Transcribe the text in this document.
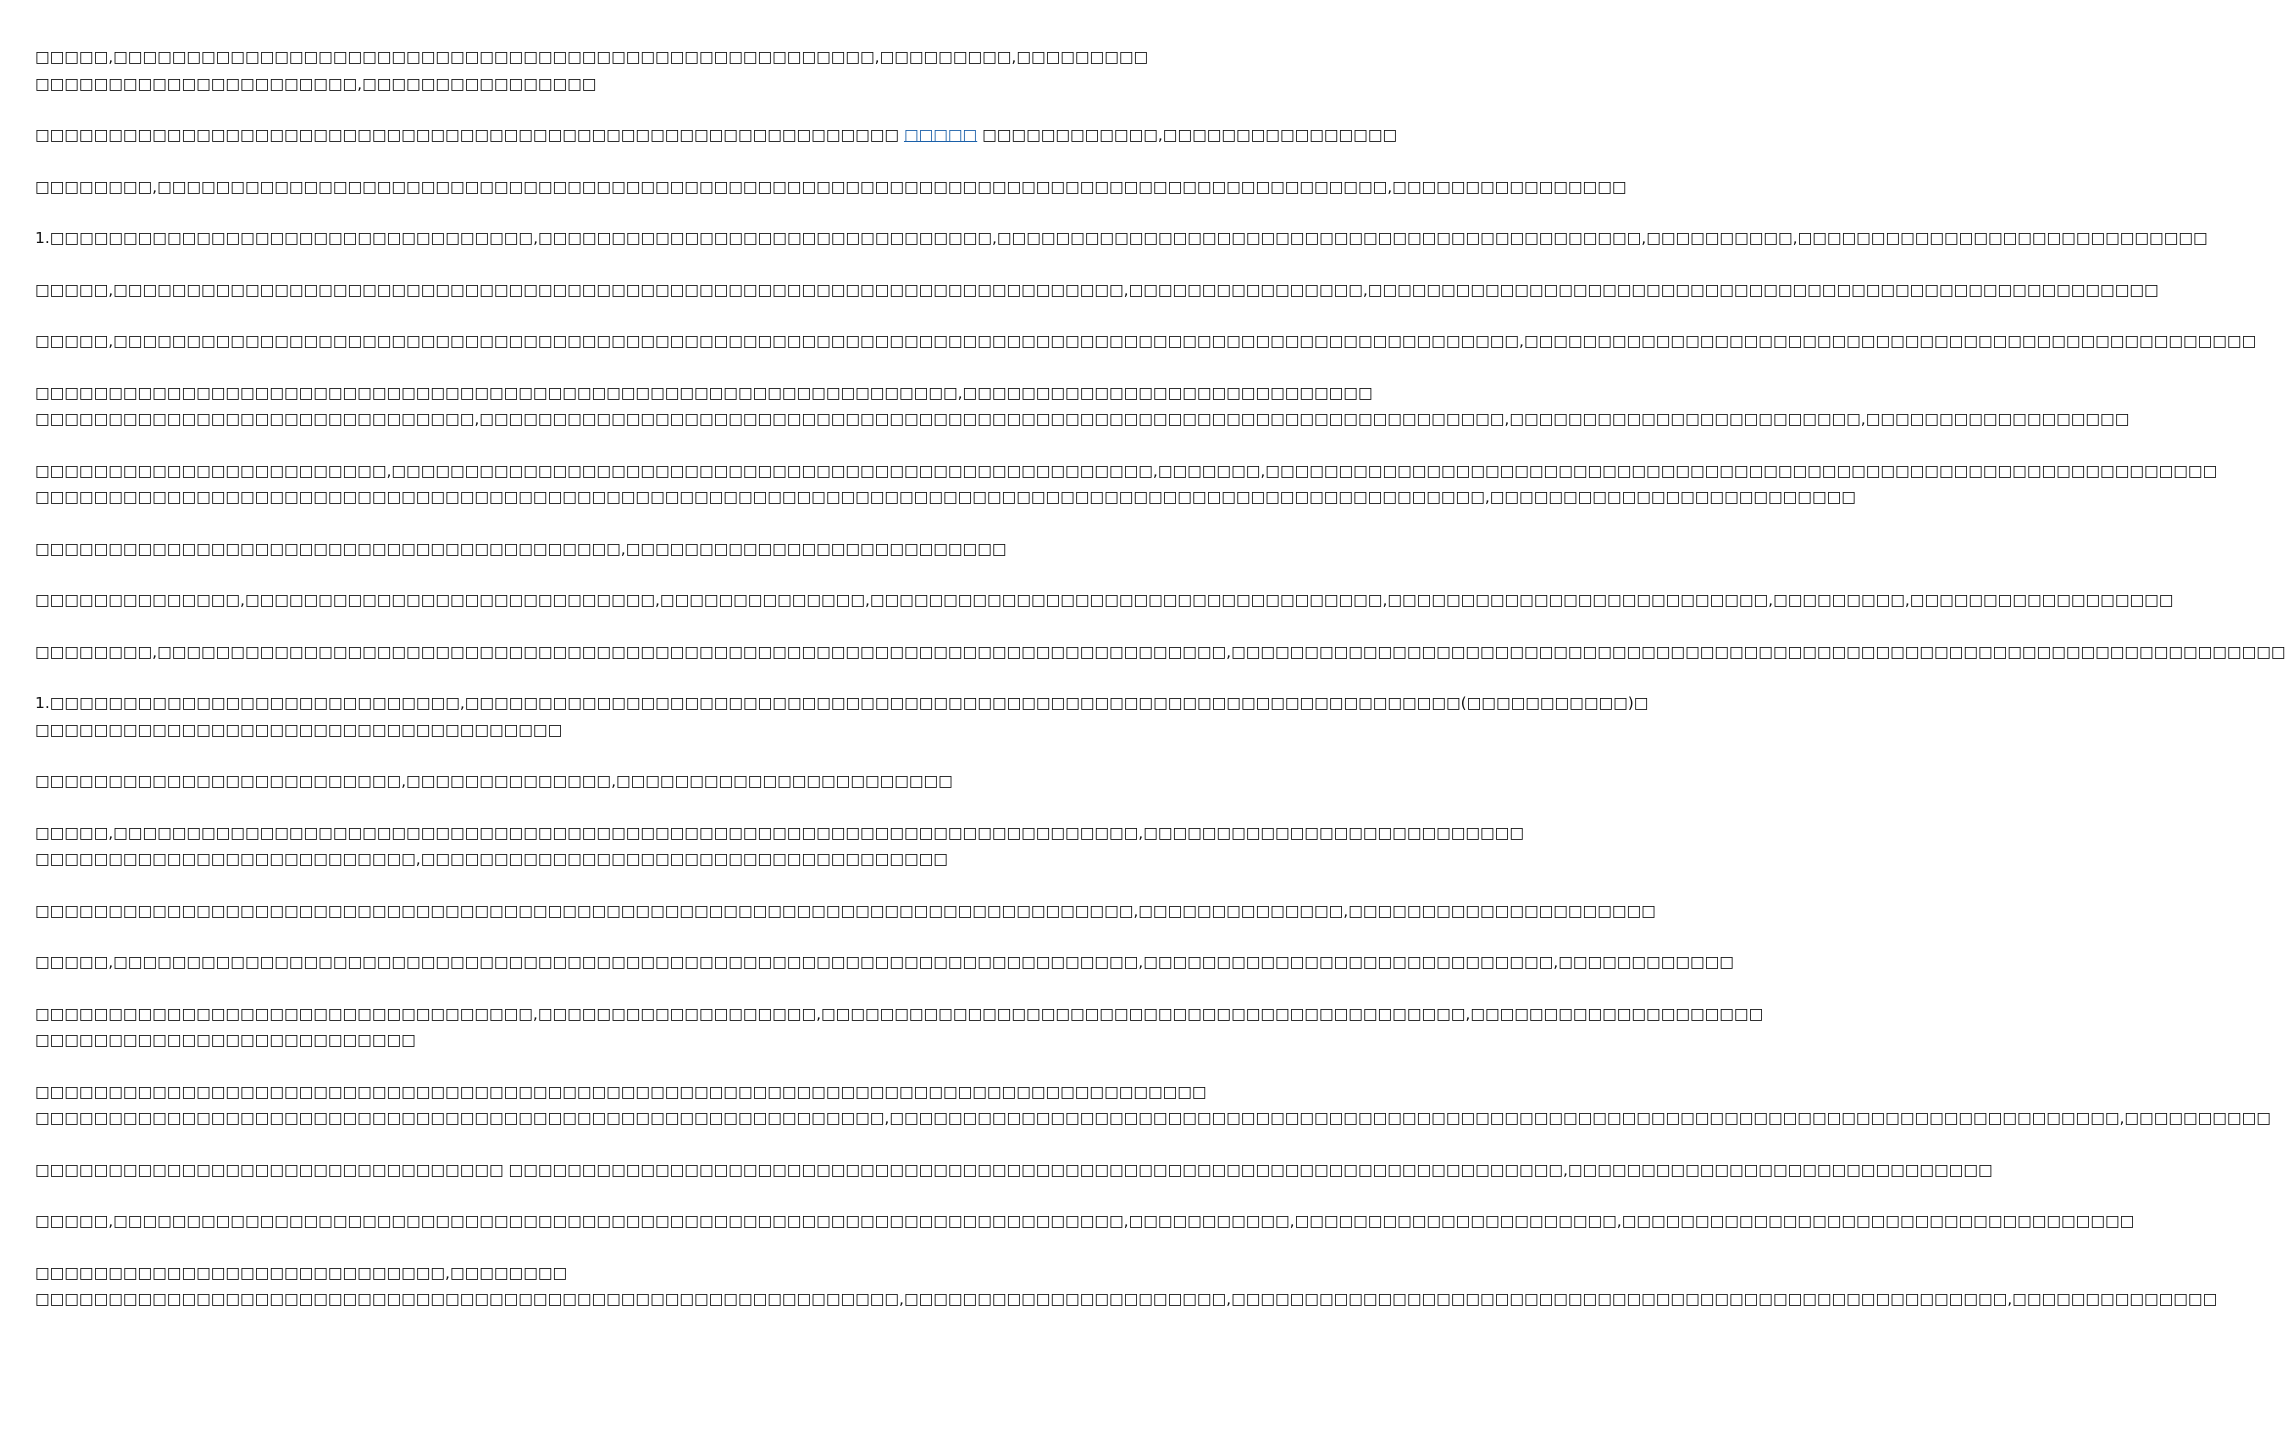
□□□□□,□□□□□□□□□□□□□□□□□□□□□□□□□□□□□□□□□□□□□□□□□□□□□□□□□□□□,□□□□□□□□□,□□□□□□□□□
□□□□□□□□□□□□□□□□□□□□□□,□□□□□□□□□□□□□□□□

□□□□□□□□□□□□□□□□□□□□□□□□□□□□□□□□□□□□□□□□□□□□□□□□□□□□□□□□□□□ □□□□□ □□□□□□□□□□□□,□□□□□□□□□□□□□□□□

□□□□□□□□,□□□□□□□□□□□□□□□□□□□□□□□□□□□□□□□□□□□□□□□□□□□□□□□□□□□□□□□□□□□□□□□□□□□□□□□□□□□□□□□□□□□□,□□□□□□□□□□□□□□□□

1.□□□□□□□□□□□□□□□□□□□□□□□□□□□□□□□□□,□□□□□□□□□□□□□□□□□□□□□□□□□□□□□□□,□□□□□□□□□□□□□□□□□□□□□□□□□□□□□□□□□□□□□□□□□□□□,□□□□□□□□□□,□□□□□□□□□□□□□□□□□□□□□□□□□□□□

□□□□□,□□□□□□□□□□□□□□□□□□□□□□□□□□□□□□□□□□□□□□□□□□□□□□□□□□□□□□□□□□□□□□□□□□□□□,□□□□□□□□□□□□□□□□,□□□□□□□□□□□□□□□□□□□□□□□□□□□□□□□□□□□□□□□□□□□□□□□□□□□□□□

□□□□□,□□□□□□□□□□□□□□□□□□□□□□□□□□□□□□□□□□□□□□□□□□□□□□□□□□□□□□□□□□□□□□□□□□□□□□□□□□□□□□□□□□□□□□□□□□□□□□□□,□□□□□□□□□□□□□□□□□□□□□□□□□□□□□□□□□□□□□□□□□□□□□□□□□□

□□□□□□□□□□□□□□□□□□□□□□□□□□□□□□□□□□□□□□□□□□□□□□□□□□□□□□□□□□□□□□□,□□□□□□□□□□□□□□□□□□□□□□□□□□□□
□□□□□□□□□□□□□□□□□□□□□□□□□□□□□□,□□□□□□□□□□□□□□□□□□□□□□□□□□□□□□□□□□□□□□□□□□□□□□□□□□□□□□□□□□□□□□□□□□□□□□,□□□□□□□□□□□□□□□□□□□□□□□□,□□□□□□□□□□□□□□□□□□

□□□□□□□□□□□□□□□□□□□□□□□□,□□□□□□□□□□□□□□□□□□□□□□□□□□□□□□□□□□□□□□□□□□□□□□□□□□□□,□□□□□□□,□□□□□□□□□□□□□□□□□□□□□□□□□□□□□□□□□□□□□□□□□□□□□□□□□□□□□□□□□□□□□□□□□
□□□□□□□□□□□□□□□□□□□□□□□□□□□□□□□□□□□□□□□□□□□□□□□□□□□□□□□□□□□□□□□□□□□□□□□□□□□□□□□□□□□□□□□□□□□□□□□□□□□,□□□□□□□□□□□□□□□□□□□□□□□□□

□□□□□□□□□□□□□□□□□□□□□□□□□□□□□□□□□□□□□□□□,□□□□□□□□□□□□□□□□□□□□□□□□□□

□□□□□□□□□□□□□□,□□□□□□□□□□□□□□□□□□□□□□□□□□□□,□□□□□□□□□□□□□□,□□□□□□□□□□□□□□□□□□□□□□□□□□□□□□□□□□□,□□□□□□□□□□□□□□□□□□□□□□□□□□,□□□□□□□□□,□□□□□□□□□□□□□□□□□□

□□□□□□□□,□□□□□□□□□□□□□□□□□□□□□□□□□□□□□□□□□□□□□□□□□□□□□□□□□□□□□□□□□□□□□□□□□□□□□□□□□,□□□□□□□□□□□□□□□□□□□□□□□□□□□□□□□□□□□□□□□□□□□□□□□□□□□□□□□□□□□□□□□□□□□□□□□□

1.□□□□□□□□□□□□□□□□□□□□□□□□□□□□,□□□□□□□□□□□□□□□□□□□□□□□□□□□□□□□□□□□□□□□□□□□□□□□□□□□□□□□□□□□□□□□□□□□□(□□□□□□□□□□□)□
□□□□□□□□□□□□□□□□□□□□□□□□□□□□□□□□□□□□

□□□□□□□□□□□□□□□□□□□□□□□□□,□□□□□□□□□□□□□□,□□□□□□□□□□□□□□□□□□□□□□□

□□□□□,□□□□□□□□□□□□□□□□□□□□□□□□□□□□□□□□□□□□□□□□□□□□□□□□□□□□□□□□□□□□□□□□□□□□□□,□□□□□□□□□□□□□□□□□□□□□□□□□□
□□□□□□□□□□□□□□□□□□□□□□□□□□,□□□□□□□□□□□□□□□□□□□□□□□□□□□□□□□□□□□□

□□□□□□□□□□□□□□□□□□□□□□□□□□□□□□□□□□□□□□□□□□□□□□□□□□□□□□□□□□□□□□□□□□□□□□□□□□□,□□□□□□□□□□□□□□,□□□□□□□□□□□□□□□□□□□□□

□□□□□,□□□□□□□□□□□□□□□□□□□□□□□□□□□□□□□□□□□□□□□□□□□□□□□□□□□□□□□□□□□□□□□□□□□□□□,□□□□□□□□□□□□□□□□□□□□□□□□□□□□,□□□□□□□□□□□□

□□□□□□□□□□□□□□□□□□□□□□□□□□□□□□□□□□,□□□□□□□□□□□□□□□□□□□,□□□□□□□□□□□□□□□□□□□□□□□□□□□□□□□□□□□□□□□□□□□□,□□□□□□□□□□□□□□□□□□□□
□□□□□□□□□□□□□□□□□□□□□□□□□□

□□□□□□□□□□□□□□□□□□□□□□□□□□□□□□□□□□□□□□□□□□□□□□□□□□□□□□□□□□□□□□□□□□□□□□□□□□□□□□□□
□□□□□□□□□□□□□□□□□□□□□□□□□□□□□□□□□□□□□□□□□□□□□□□□□□□□□□□□□□,□□□□□□□□□□□□□□□□□□□□□□□□□□□□□□□□□□□□□□□□□□□□□□□□□□□□□□□□□□□□□□□□□□□□□□□□□□□□□□□□□□□□,□□□□□□□□□□

□□□□□□□□□□□□□□□□□□□□□□□□□□□□□□□□ □□□□□□□□□□□□□□□□□□□□□□□□□□□□□□□□□□□□□□□□□□□□□□□□□□□□□□□□□□□□□□□□□□□□□□□□,□□□□□□□□□□□□□□□□□□□□□□□□□□□□□

□□□□□,□□□□□□□□□□□□□□□□□□□□□□□□□□□□□□□□□□□□□□□□□□□□□□□□□□□□□□□□□□□□□□□□□□□□□,□□□□□□□□□□□,□□□□□□□□□□□□□□□□□□□□□□,□□□□□□□□□□□□□□□□□□□□□□□□□□□□□□□□□□□

□□□□□□□□□□□□□□□□□□□□□□□□□□□□,□□□□□□□□
□□□□□□□□□□□□□□□□□□□□□□□□□□□□□□□□□□□□□□□□□□□□□□□□□□□□□□□□□□□,□□□□□□□□□□□□□□□□□□□□□□,□□□□□□□□□□□□□□□□□□□□□□□□□□□□□□□□□□□□□□□□□□□□□□□□□□□□□,□□□□□□□□□□□□□□
